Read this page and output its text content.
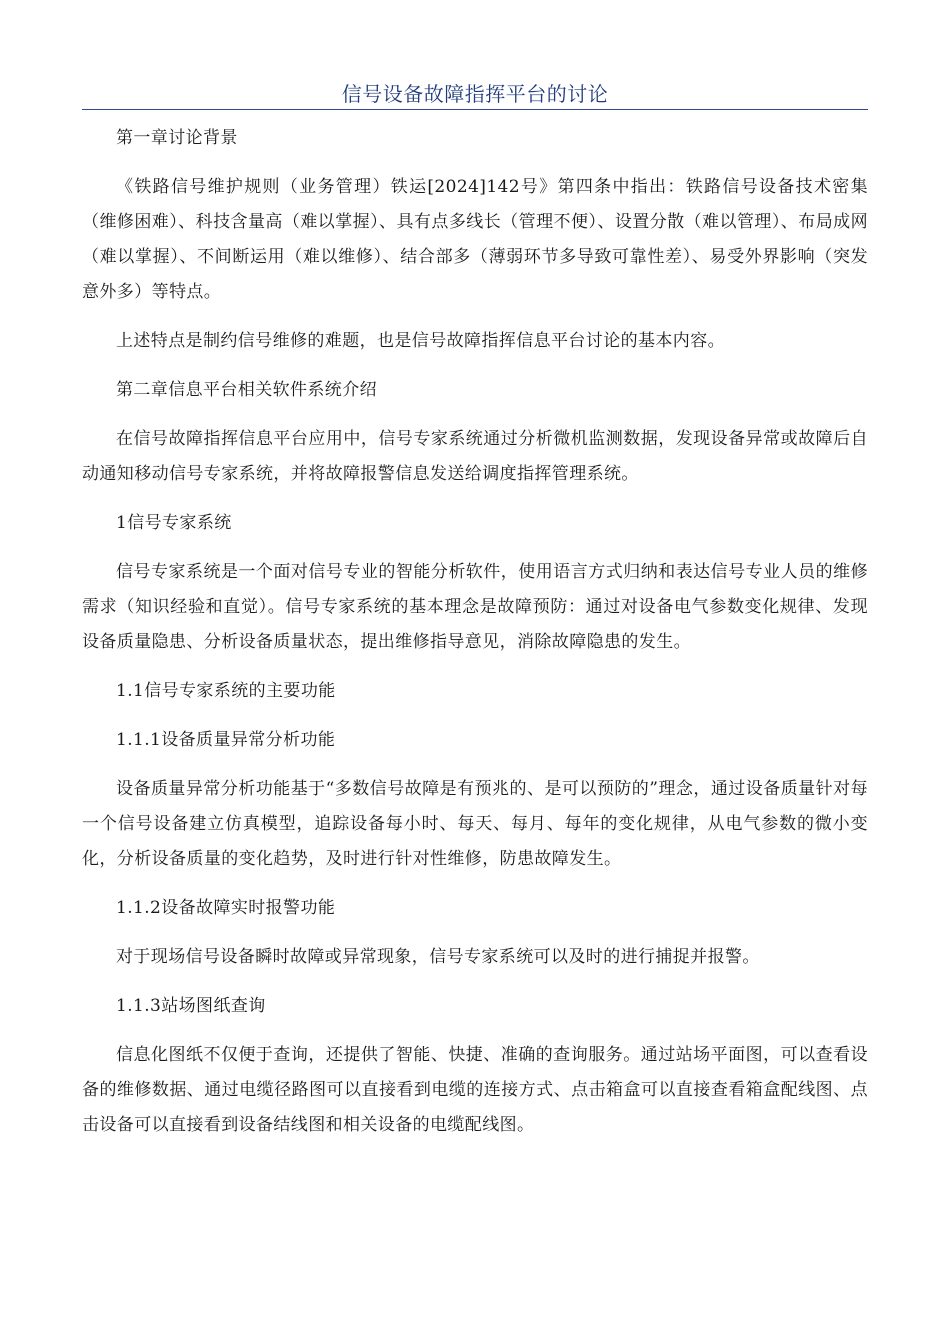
信号设备故障指挥平台的讨论

第一章讨论背景

《铁路信号维护规则（业务管理）铁运[2024]142号》第四条中指出：铁路信号设备技术密集（维修困难）、科技含量高（难以掌握）、具有点多线长（管理不便）、设置分散（难以管理）、布局成网（难以掌握）、不间断运用（难以维修）、结合部多（薄弱环节多导致可靠性差）、易受外界影响（突发意外多）等特点。

上述特点是制约信号维修的难题，也是信号故障指挥信息平台讨论的基本内容。

第二章信息平台相关软件系统介绍

在信号故障指挥信息平台应用中，信号专家系统通过分析微机监测数据，发现设备异常或故障后自动通知移动信号专家系统，并将故障报警信息发送给调度指挥管理系统。

1信号专家系统

信号专家系统是一个面对信号专业的智能分析软件，使用语言方式归纳和表达信号专业人员的维修需求（知识经验和直觉）。信号专家系统的基本理念是故障预防：通过对设备电气参数变化规律、发现设备质量隐患、分析设备质量状态，提出维修指导意见，消除故障隐患的发生。

1.1信号专家系统的主要功能

1.1.1设备质量异常分析功能

设备质量异常分析功能基于“多数信号故障是有预兆的、是可以预防的”理念，通过设备质量针对每一个信号设备建立仿真模型，追踪设备每小时、每天、每月、每年的变化规律，从电气参数的微小变化，分析设备质量的变化趋势，及时进行针对性维修，防患故障发生。

1.1.2设备故障实时报警功能

对于现场信号设备瞬时故障或异常现象，信号专家系统可以及时的进行捕捉并报警。

1.1.3站场图纸查询

信息化图纸不仅便于查询，还提供了智能、快捷、准确的查询服务。通过站场平面图，可以查看设备的维修数据、通过电缆径路图可以直接看到电缆的连接方式、点击箱盒可以直接查看箱盒配线图、点击设备可以直接看到设备结线图和相关设备的电缆配线图。
